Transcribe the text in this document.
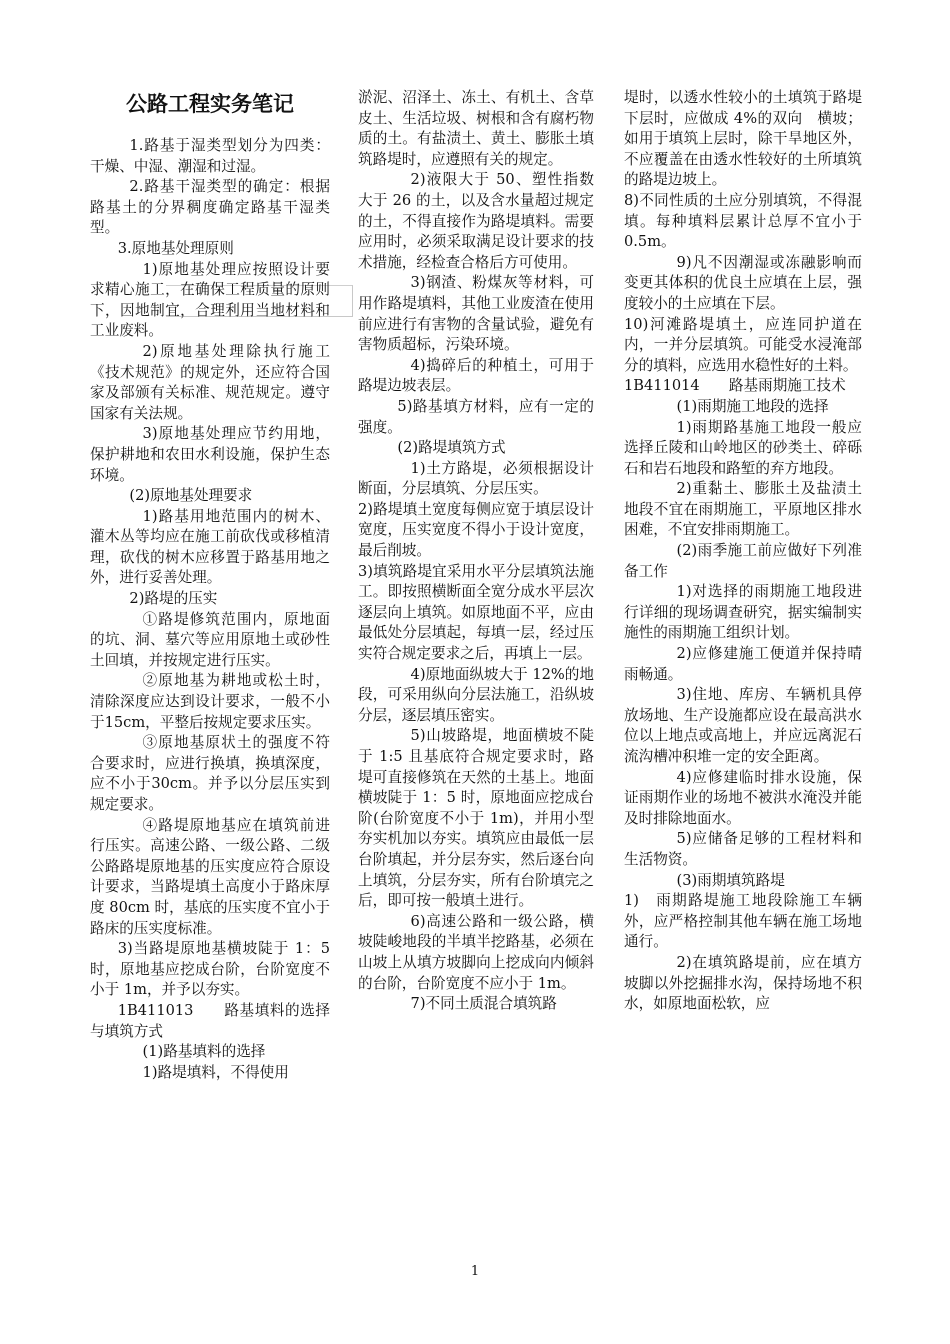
公路工程实务笔记

1.路基于湿类型划分为四类：干燥、中湿、潮湿和过湿。

2.路基干湿类型的确定：根据路基土的分界稠度确定路基干湿类型。

3.原地基处理原则

1)原地基处理应按照设计要求精心施工，在确保工程质量的原则下，因地制宜，合理利用当地材料和工业废料。

2)原地基处理除执行施工《技术规范》的规定外，还应符合国家及部颁有关标准、规范规定。遵守国家有关法规。

3)原地基处理应节约用地，保护耕地和农田水利设施，保护生态环境。

(2)原地基处理要求

1)路基用地范围内的树木、灌木丛等均应在施工前砍伐或移植清理，砍伐的树木应移置于路基用地之外，进行妥善处理。

2)路堤的压实

①路堤修筑范围内，原地面的坑、洞、墓穴等应用原地土或砂性土回填，并按规定进行压实。

②原地基为耕地或松土时，清除深度应达到设计要求，一般不小于15cm，平整后按规定要求压实。

③原地基原状土的强度不符合要求时，应进行换填，换填深度，应不小于30cm。并予以分层压实到规定要求。

④路堤原地基应在填筑前进行压实。高速公路、一级公路、二级公路路堤原地基的压实度应符合原设计要求，当路堤填土高度小于路床厚度 80cm 时，基底的压实度不宜小于路床的压实度标准。

3)当路堤原地基横坡陡于 1：5时，原地基应挖成台阶，台阶宽度不小于 1m，并予以夯实。

1B411013　　路基填料的选择与填筑方式

(1)路基填料的选择

1)路堤填料，不得使用

淤泥、沼泽土、冻土、有机土、含草皮土、生活垃圾、树根和含有腐朽物质的土。有盐渍土、黄土、膨胀土填筑路堤时，应遵照有关的规定。

2)液限大于 50、塑性指数大于 26 的土，以及含水量超过规定的土，不得直接作为路堤填料。需要应用时，必须采取满足设计要求的技术措施，经检查合格后方可使用。

3)钢渣、粉煤灰等材料，可用作路堤填料，其他工业废渣在使用前应进行有害物的含量试验，避免有害物质超标，污染环境。

4)捣碎后的种植土，可用于路堤边坡表层。

5)路基填方材料，应有一定的强度。

(2)路堤填筑方式

1)土方路堤，必须根据设计断面，分层填筑、分层压实。

2)路堤填土宽度每侧应宽于填层设计宽度，压实宽度不得小于设计宽度，最后削坡。

3)填筑路堤宜采用水平分层填筑法施工。即按照横断面全宽分成水平层次逐层向上填筑。如原地面不平，应由最低处分层填起，每填一层，经过压实符合规定要求之后，再填上一层。

4)原地面纵坡大于 12%的地段，可采用纵向分层法施工，沿纵坡分层，逐层填压密实。

5)山坡路堤，地面横坡不陡于 1:5 且基底符合规定要求时，路堤可直接修筑在天然的土基上。地面横坡陡于 1：5 时，原地面应挖成台阶(台阶宽度不小于 1m)，并用小型夯实机加以夯实。填筑应由最低一层台阶填起，并分层夯实，然后逐台向上填筑，分层夯实，所有台阶填完之后，即可按一般填土进行。

6)高速公路和一级公路，横坡陡峻地段的半填半挖路基，必须在山坡上从填方坡脚向上挖成向内倾斜的台阶，台阶宽度不应小于 1m。

7)不同土质混合填筑路

堤时，以透水性较小的土填筑于路堤下层时，应做成 4%的双向　横坡；如用于填筑上层时，除干旱地区外，不应覆盖在由透水性较好的土所填筑的路堤边坡上。

8)不同性质的土应分别填筑，不得混填。每种填料层累计总厚不宜小于 0.5m。

9)凡不因潮湿或冻融影响而变更其体积的优良土应填在上层，强度较小的土应填在下层。

10)河滩路堤填土，应连同护道在内，一并分层填筑。可能受水浸淹部分的填料，应选用水稳性好的土料。

1B411014　　路基雨期施工技术

(1)雨期施工地段的选择

1)雨期路基施工地段一般应选择丘陵和山岭地区的砂类土、碎砾石和岩石地段和路堑的弃方地段。

2)重黏土、膨胀土及盐渍土地段不宜在雨期施工，平原地区排水困难，不宜安排雨期施工。

(2)雨季施工前应做好下列准备工作

1)对选择的雨期施工地段进行详细的现场调查研究，据实编制实施性的雨期施工组织计划。

2)应修建施工便道并保持晴雨畅通。

3)住地、库房、车辆机具停放场地、生产设施都应设在最高洪水位以上地点或高地上，并应远离泥石流沟槽冲积堆一定的安全距离。

4)应修建临时排水设施，保证雨期作业的场地不被洪水淹没并能及时排除地面水。

5)应储备足够的工程材料和生活物资。

(3)雨期填筑路堤

1)　雨期路堤施工地段除施工车辆外，应严格控制其他车辆在施工场地通行。

2)在填筑路堤前，应在填方坡脚以外挖掘排水沟，保持场地不积水，如原地面松软，应

1
